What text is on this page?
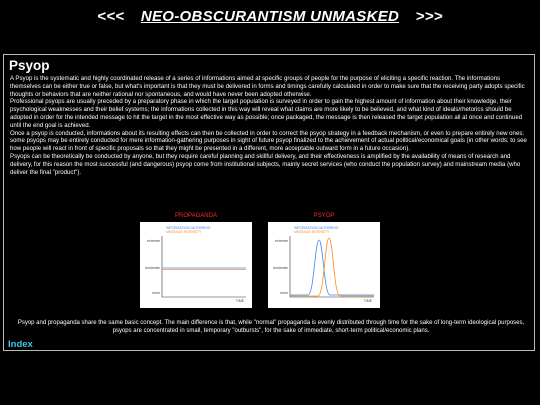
<<< NEO-OBSCURANTISM UNMASKED >>>
Psyop

A Psyop is the systematic and highly coordinated release of a series of informations aimed at specific groups of people for the purpose of eliciting a specific reaction. The informations themselves can be either true or false, but what's important is that they must be delivered in forms and timings carefully calculated in order to make sure that the receiving party adopts specific thoughts or behaviors that are neither rational nor spontaneous, and would have never been adopted otherwise.

Professional psyops are usually preceded by a preparatory phase in which the target population is surveyed in order to gain the highest amount of information about their knowledge, their psychological weaknesses and their belief systems; the informations collected in this way will reveal what claims are more likely to be believed, and what kind of ideals/rhetorics should be adopted in order for the intended message to hit the target in the most effective way as possible; once packaged, the message is then released the target population all at once and continued until the end goal is achieved.

Once a psyop is conducted, informations about its resulting effects can then be collected in order to correct the psyop strategy in a feedback mechanism, or even to prepare entirely new ones: some psyops may be entirely conducted for mere information-gathering purposes in sight of future psyop finalized to the achievement of actual political/economical goals (in other words: to see how people will react in front of specific proposals so that they might be presented in a different, more acceptable outward form in a future occasion).

Psyops can be theoretically be conducted by anyone, but they require careful planning and skillful delivery, and their effectiveness is amplified by the availability of means of research and delivery, for this reason the most successful (and dangerous) psyop come from institutional subjects, mainly secret services (who conduct the population survey) and mainstream media (who deliver the final "product").

PROPAGANDA
INFORMATION GATHERING
MESSAGE INTENSITY
extreme
moderate
none
TIME
PSYOP
INFORMATION GATHERING
MESSAGE INTENSITY
extreme
moderate
none
TIME
Psyop and propaganda share the same basic concept. The main difference is that, while "normal" propaganda is evenly distributed through time for the sake of long-term ideological purposes, psyops are concentrated in small, temporary "outbursts", for the sake of immediate, short-term political/economic plans.
Index
